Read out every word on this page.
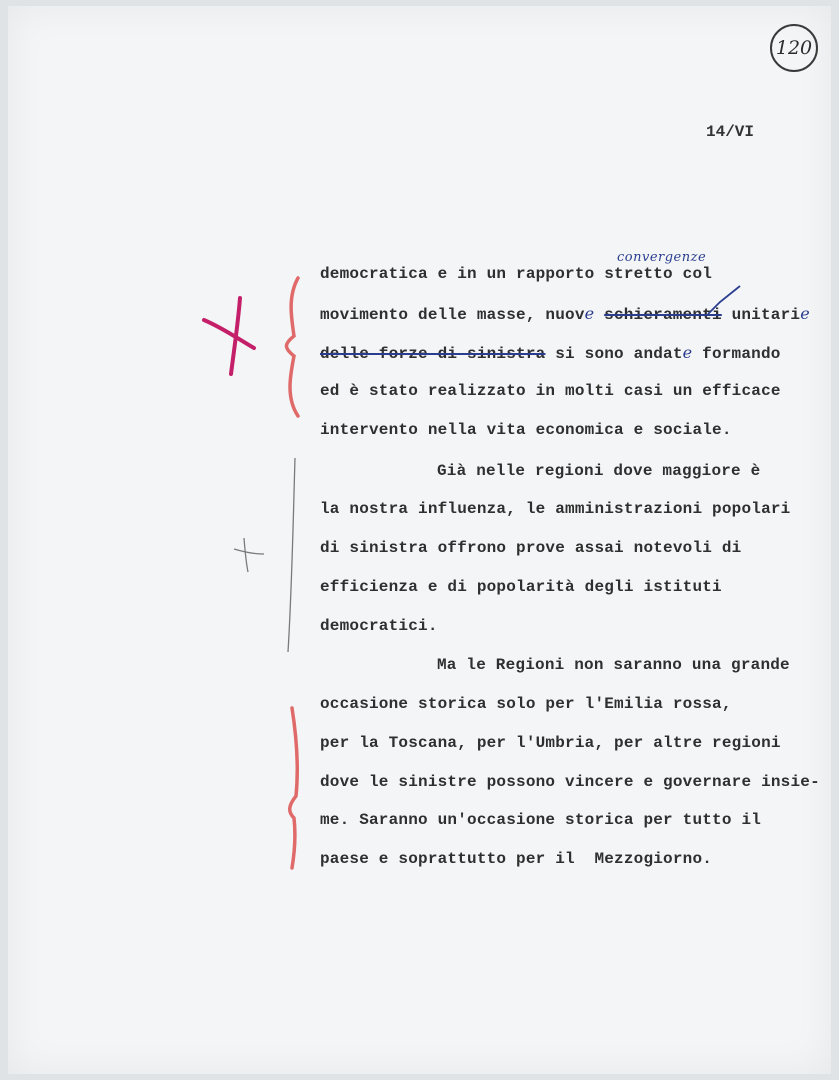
120
14/VI
democratica e in un rapporto stretto col
convergenze
movimento delle masse, nuove schieramenti unitarie
delle forze di sinistra si sono andate formando
ed è stato realizzato in molti casi un efficace
intervento nella vita economica e sociale.
Già nelle regioni dove maggiore è
la nostra influenza, le amministrazioni popolari
di sinistra offrono prove assai notevoli di
efficienza e di popolarità degli istituti
democratici.
Ma le Regioni non saranno una grande
occasione storica solo per l'Emilia rossa,
per la Toscana, per l'Umbria, per altre regioni
dove le sinistre possono vincere e governare insie-
me. Saranno un'occasione storica per tutto il
paese e soprattutto per il  Mezzogiorno.
